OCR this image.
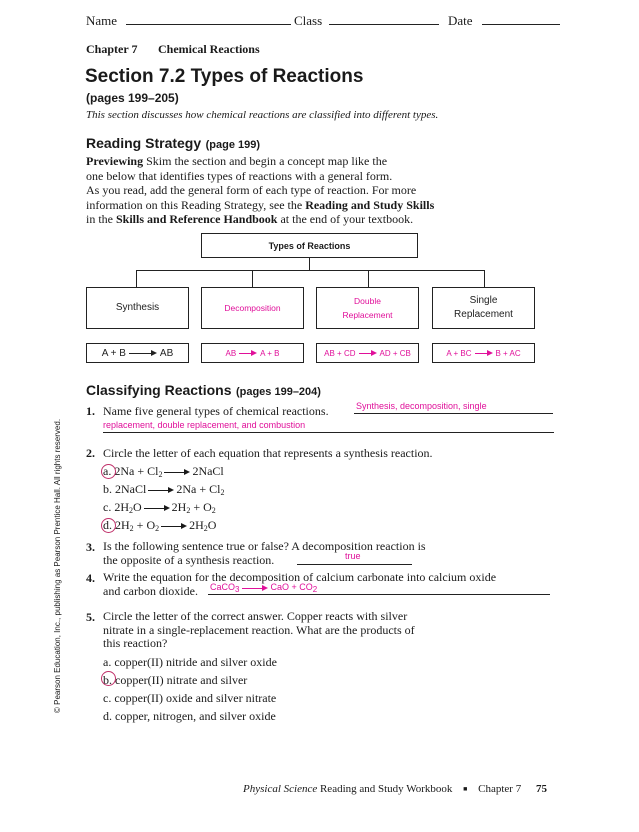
Name	Class	Date
Chapter 7 Chemical Reactions
Section 7.2 Types of Reactions
(pages 199–205)
This section discusses how chemical reactions are classified into different types.
Reading Strategy (page 199)
Previewing Skim the section and begin a concept map like the
one below that identifies types of reactions with a general form.
As you read, add the general form of each type of reaction. For more
information on this Reading Strategy, see the Reading and Study Skills
in the Skills and Reference Handbook at the end of your textbook.
Types of Reactions
Synthesis	Decomposition
Double
Replacement
Single
Replacement
A + B	AB	AB	A + B	AB + CD	AD + CB	A + BC	B + AC
Classifying Reactions (pages 199–204)
1. Name five general types of chemical reactions.	Synthesis, decomposition, single
replacement, double replacement, and combustion
2. Circle the letter of each equation that represents a synthesis reaction.
a. $2Na + Cl_2$	2NaCl
b. 2NaCl	$2Na + Cl_2$
c. $2H_2O$	$2H_2 + O_2$
d. $2H_2 + O_2$	$2H_2O$
3. Is the following sentence true or false? A decomposition reaction is
the opposite of a synthesis reaction.	true
4. Write the equation for the decomposition of calcium carbonate into calcium oxide
and carbon dioxide.	CaCO$_3$	CaO + $CO_2$
5. Circle the letter of the correct answer. Copper reacts with silver
nitrate in a single-replacement reaction. What are the products of
this reaction?
a. copper(II) nitride and silver oxide
b. copper(II) nitrate and silver
c. copper(II) oxide and silver nitrate
d. copper, nitrogen, and silver oxide
© Pearson Education, Inc., publishing as Pearson Prentice Hall. All rights reserved.
Physical Science Reading and Study Workbook ■ Chapter 7 75
